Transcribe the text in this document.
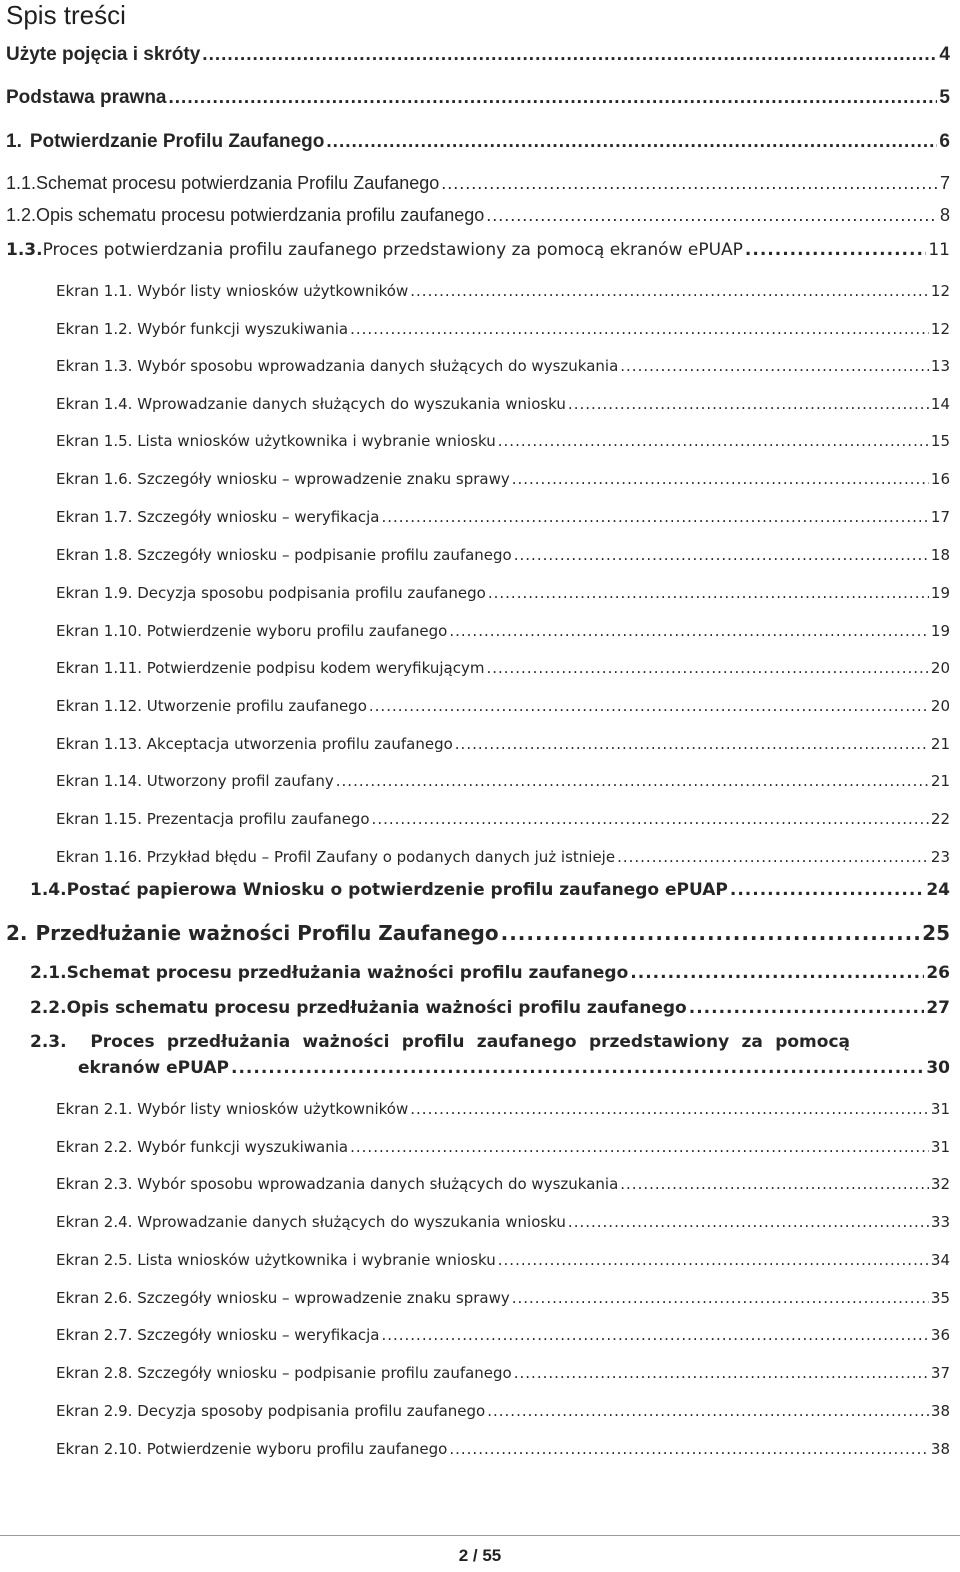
Spis treści
Użyte pojęcia i skróty .....	4
Podstawa prawna .....	5
1. Potwierdzanie Profilu Zaufanego .....	6
1.1. Schemat procesu potwierdzania Profilu Zaufanego .....	7
1.2. Opis schematu procesu potwierdzania profilu zaufanego .....	8
1.3. Proces potwierdzania profilu zaufanego przedstawiony za pomocą ekranów ePUAP .....	11
Ekran 1.1. Wybór listy wniosków użytkowników .....	12
Ekran 1.2. Wybór funkcji wyszukiwania .....	12
Ekran 1.3. Wybór sposobu wprowadzania danych służących do wyszukania .....	13
Ekran 1.4. Wprowadzanie danych służących do wyszukania wniosku .....	14
Ekran 1.5. Lista wniosków użytkownika i wybranie wniosku .....	15
Ekran 1.6. Szczegóły wniosku – wprowadzenie znaku sprawy .....	16
Ekran 1.7. Szczegóły wniosku – weryfikacja .....	17
Ekran 1.8. Szczegóły wniosku – podpisanie profilu zaufanego .....	18
Ekran 1.9. Decyzja sposobu podpisania profilu zaufanego .....	19
Ekran 1.10. Potwierdzenie wyboru profilu zaufanego .....	19
Ekran 1.11. Potwierdzenie podpisu kodem weryfikującym .....	20
Ekran 1.12. Utworzenie profilu zaufanego .....	20
Ekran 1.13. Akceptacja utworzenia profilu zaufanego .....	21
Ekran 1.14. Utworzony profil zaufany .....	21
Ekran 1.15. Prezentacja profilu zaufanego .....	22
Ekran 1.16. Przykład błędu – Profil Zaufany o podanych danych już istnieje .....	23
1.4. Postać papierowa Wniosku o potwierdzenie profilu zaufanego ePUAP .....	24
2. Przedłużanie ważności Profilu Zaufanego .....	25
2.1. Schemat procesu przedłużania ważności profilu zaufanego .....	26
2.2. Opis schematu procesu przedłużania ważności profilu zaufanego .....	27
2.3.	Proces przedłużania ważności profilu zaufanego przedstawiony za pomocą
ekranów ePUAP .....	30
Ekran 2.1. Wybór listy wniosków użytkowników .....	31
Ekran 2.2. Wybór funkcji wyszukiwania .....	31
Ekran 2.3. Wybór sposobu wprowadzania danych służących do wyszukania .....	32
Ekran 2.4. Wprowadzanie danych służących do wyszukania wniosku .....	33
Ekran 2.5. Lista wniosków użytkownika i wybranie wniosku .....	34
Ekran 2.6. Szczegóły wniosku – wprowadzenie znaku sprawy .....	35
Ekran 2.7. Szczegóły wniosku – weryfikacja .....	36
Ekran 2.8. Szczegóły wniosku – podpisanie profilu zaufanego .....	37
Ekran 2.9. Decyzja sposoby podpisania profilu zaufanego .....	38
Ekran 2.10. Potwierdzenie wyboru profilu zaufanego .....	38
2 / 55
